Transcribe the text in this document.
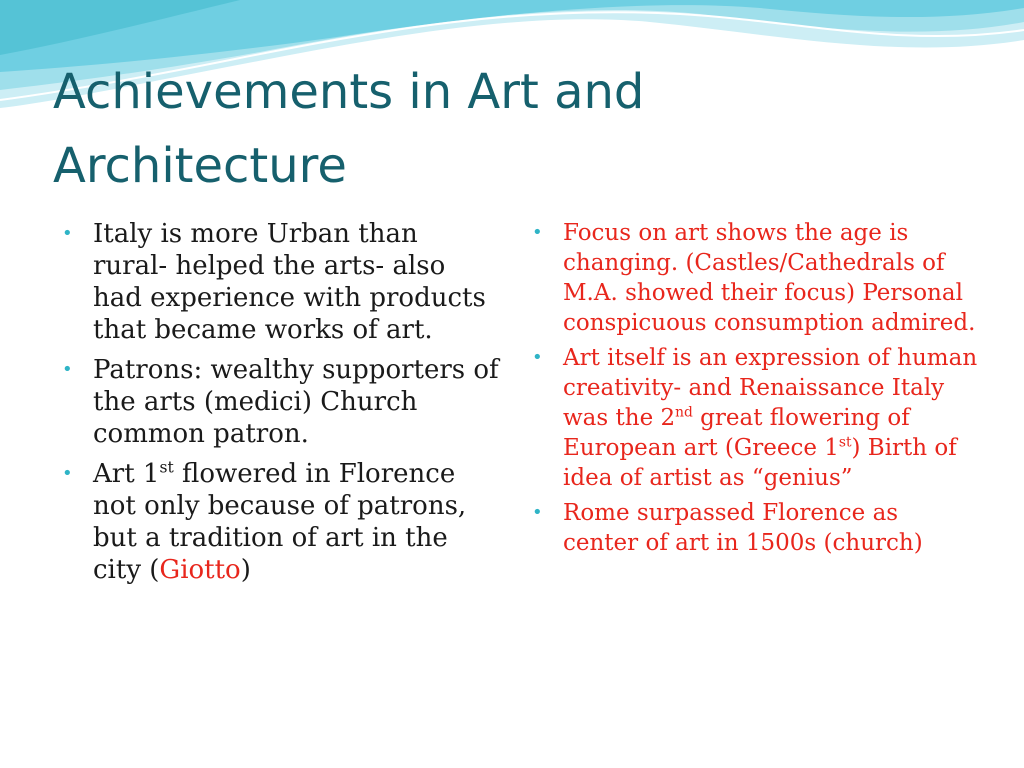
Achievements in Art and Architecture
• Italy is more Urban than rural- helped the arts- also had experience with products that became works of art.
• Patrons: wealthy supporters of the arts (medici) Church common patron.
• Art 1st flowered in Florence not only because of patrons, but a tradition of art in the city (Giotto)
• Focus on art shows the age is changing. (Castles/Cathedrals of M.A. showed their focus) Personal conspicuous consumption admired.
• Art itself is an expression of human creativity- and Renaissance Italy was the 2nd great flowering of European art (Greece 1st) Birth of idea of artist as “genius”
• Rome surpassed Florence as center of art in 1500s (church)
